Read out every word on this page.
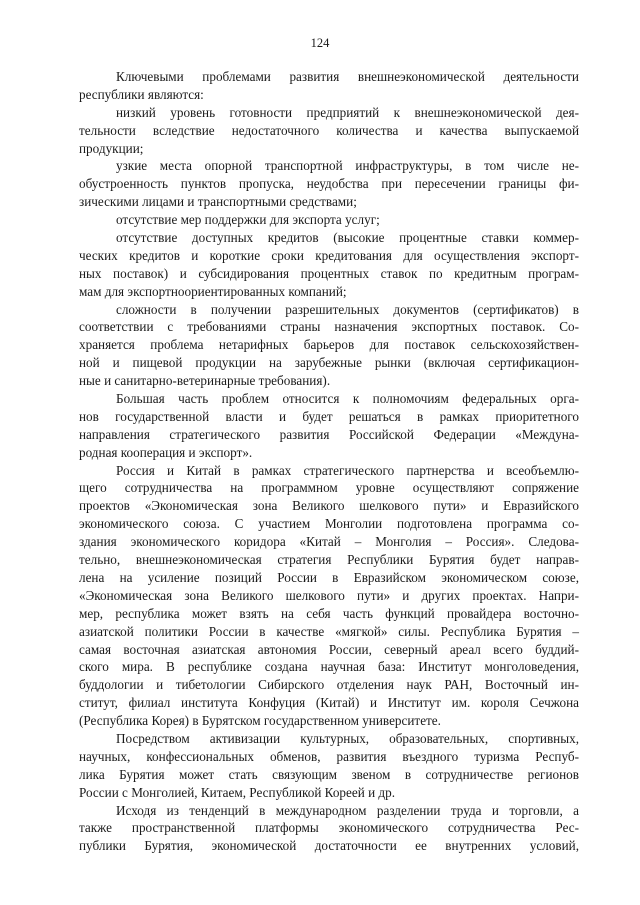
124
Ключевыми проблемами развития внешнеэкономической деятельности
республики являются:
низкий уровень готовности предприятий к внешнеэкономической дея-
тельности вследствие недостаточного количества и качества выпускаемой
продукции;
узкие места опорной транспортной инфраструктуры, в том числе не-
обустроенность пунктов пропуска, неудобства при пересечении границы фи-
зическими лицами и транспортными средствами;
отсутствие мер поддержки для экспорта услуг;
отсутствие доступных кредитов (высокие процентные ставки коммер-
ческих кредитов и короткие сроки кредитования для осуществления экспорт-
ных поставок) и субсидирования процентных ставок по кредитным програм-
мам для экспортноориентированных компаний;
сложности в получении разрешительных документов (сертификатов) в
соответствии с требованиями страны назначения экспортных поставок. Со-
храняется проблема нетарифных барьеров для поставок сельскохозяйствен-
ной и пищевой продукции на зарубежные рынки (включая сертификацион-
ные и санитарно-ветеринарные требования).
Большая часть проблем относится к полномочиям федеральных орга-
нов государственной власти и будет решаться в рамках приоритетного
направления стратегического развития Российской Федерации «Междуна-
родная кооперация и экспорт».
Россия и Китай в рамках стратегического партнерства и всеобъемлю-
щего сотрудничества на программном уровне осуществляют сопряжение
проектов «Экономическая зона Великого шелкового пути» и Евразийского
экономического союза. С участием Монголии подготовлена программа со-
здания экономического коридора «Китай – Монголия – Россия». Следова-
тельно, внешнеэкономическая стратегия Республики Бурятия будет направ-
лена на усиление позиций России в Евразийском экономическом союзе,
«Экономическая зона Великого шелкового пути» и других проектах. Напри-
мер, республика может взять на себя часть функций провайдера восточно-
азиатской политики России в качестве «мягкой» силы. Республика Бурятия –
самая восточная азиатская автономия России, северный ареал всего буддий-
ского мира. В республике создана научная база: Институт монголоведения,
буддологии и тибетологии Сибирского отделения наук РАН, Восточный ин-
ститут, филиал института Конфуция (Китай) и Институт им. короля Сечжона
(Республика Корея) в Бурятском государственном университете.
Посредством активизации культурных, образовательных, спортивных,
научных, конфессиональных обменов, развития въездного туризма Респуб-
лика Бурятия может стать связующим звеном в сотрудничестве регионов
России с Монголией, Китаем, Республикой Кореей и др.
Исходя из тенденций в международном разделении труда и торговли, а
также пространственной платформы экономического сотрудничества Рес-
публики Бурятия, экономической достаточности ее внутренних условий,
